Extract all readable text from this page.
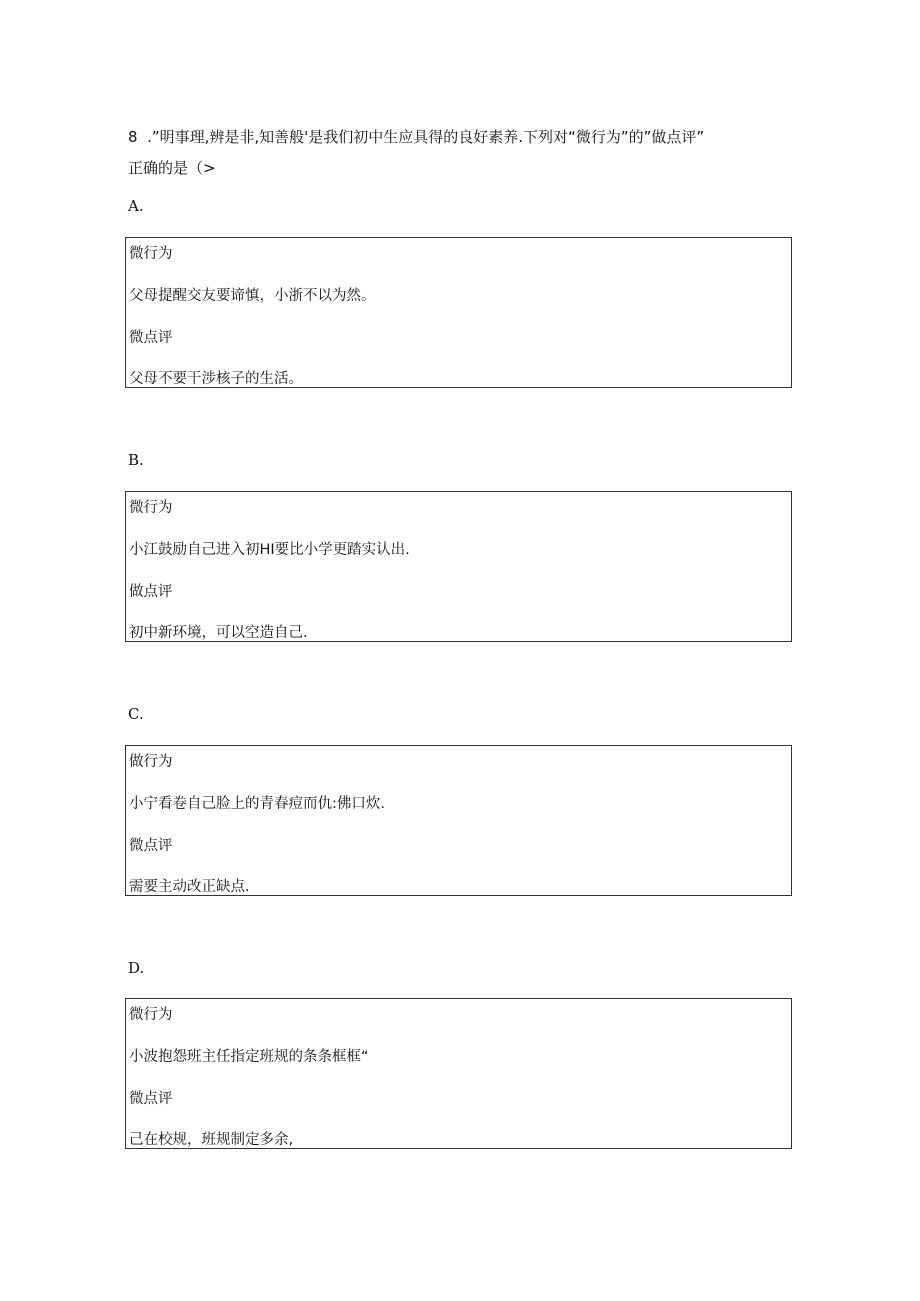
8  .”明事理,辨是非,知善般'是我们初中生应具得的良好素养.下列对“微行为”的”做点评”
正确的是（>
A.
微行为
父母提醒交友要谛慎，小浙不以为然。
微点评
父母不要干涉核子的生活。
B.
微行为
小江鼓励自己进入初HI要比小学更踏实认出.
做点评
初中新环境，可以空造自己.
C.
做行为
小宁看卷自己脸上的青春痘而仇:佛口炊.
微点评
需要主动改正缺点.
D.
微行为
小波抱怨班主任指定班规的条条框框“
微点评
己在校规，班规制定多余,
